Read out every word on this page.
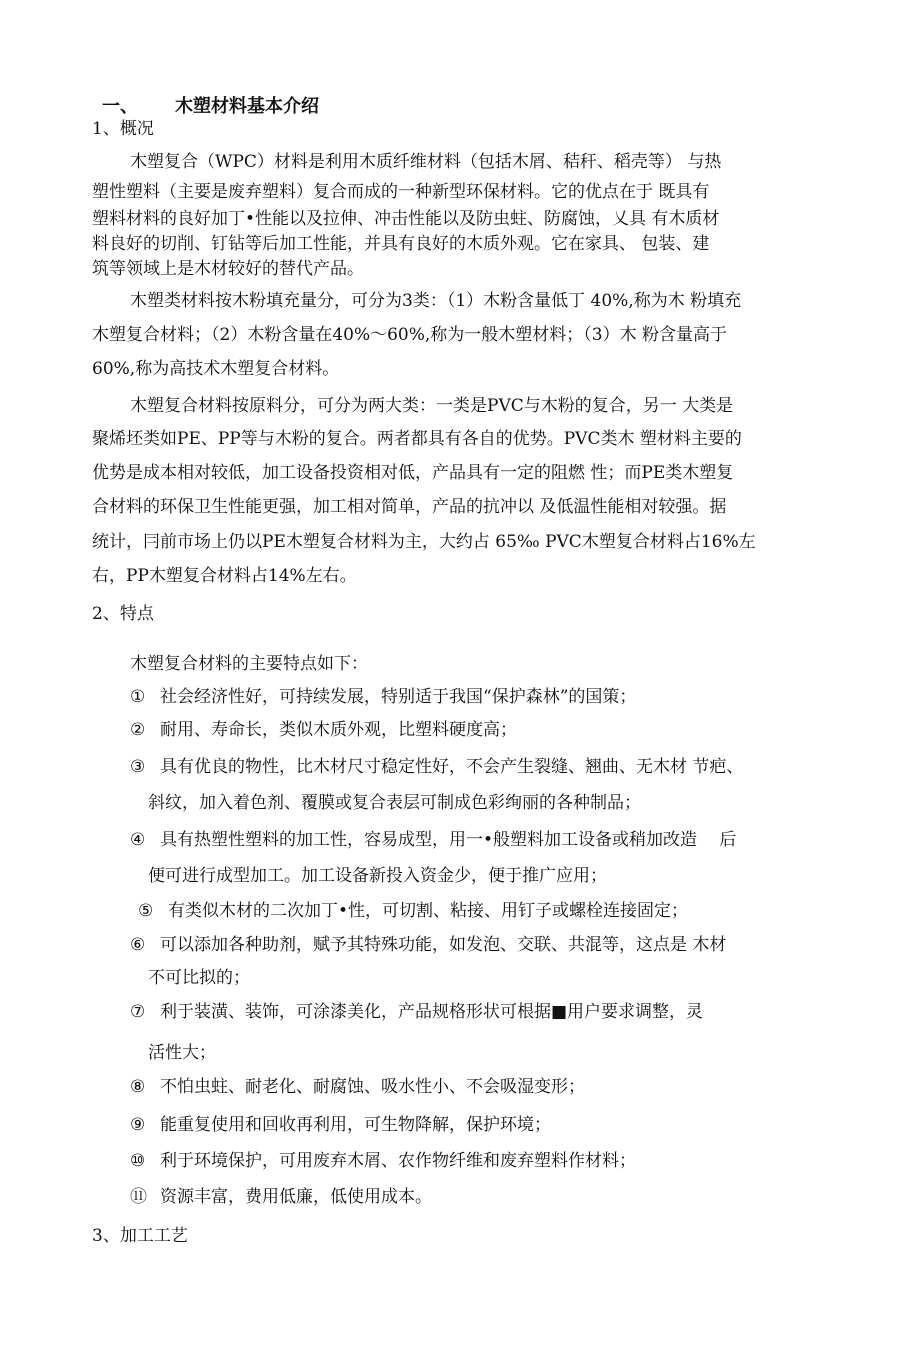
一、 木塑材料基本介绍
1、概况
木塑复合（WPC）材料是利用木质纤维材料（包括木屑、秸秆、稻壳等） 与热
塑性塑料（主要是废弃塑料）复合而成的一种新型环保材料。它的优点在于 既具有
塑料材料的良好加丁•性能以及拉伸、冲击性能以及防虫蛀、防腐蚀，乂具 有木质材
料良好的切削、钉钻等后加工性能，并具有良好的木质外观。它在家具、 包装、建
筑等领域上是木材较好的替代产品。
木塑类材料按木粉填充量分，可分为3类：（1）木粉含量低丁 40%,称为木 粉填充
木塑复合材料；（2）木粉含量在40%～60%,称为一般木塑材料；（3）木 粉含量高于
60%,称为高技术木塑复合材料。
木塑复合材料按原料分，可分为两大类：一类是PVC与木粉的复合，另一 大类是
聚烯坯类如PE、PP等与木粉的复合。两者都具有各自的优势。PVC类木 塑材料主要的
优势是成本相对较低，加工设备投资相对低，产品具有一定的阻燃 性；而PE类木塑复
合材料的环保卫生性能更强，加工相对简单，产品的抗冲以 及低温性能相对较强。据
统计，冃前市场上仍以PE木塑复合材料为主，大约占 65‰ PVC木塑复合材料占16%左
右，PP木塑复合材料占14%左右。
2、特点
木塑复合材料的主要特点如下：
① 社会经济性好，可持续发展，特别适于我国“保护森林”的国策；
② 耐用、寿命长，类似木质外观，比塑料硬度高；
③ 具有优良的物性，比木材尺寸稳定性好，不会产生裂缝、翘曲、无木材 节疤、
斜纹，加入着色剂、覆膜或复合表层可制成色彩绚丽的各种制品；
④ 具有热塑性塑料的加工性，容易成型，用一•般塑料加工设备或稍加改造　 后
便可进行成型加工。加工设备新投入资金少，便于推广应用；
⑤ 有类似木材的二次加丁•性，可切割、粘接、用钉子或螺栓连接固定；
⑥ 可以添加各种助剂，赋予其特殊功能，如发泡、交联、共混等，这点是 木材
不可比拟的；
⑦ 利于装潢、装饰，可涂漆美化，产品规格形状可根据■用户要求调整，灵
活性大；
⑧ 不怕虫蛀、耐老化、耐腐蚀、吸水性小、不会吸湿变形；
⑨ 能重复使用和回收再利用，可生物降解，保护环境；
⑩ 利于环境保护，可用废弃木屑、农作物纤维和废弃塑料作材料；
⑪ 资源丰富，费用低廉，低使用成本。
3、加工工艺
